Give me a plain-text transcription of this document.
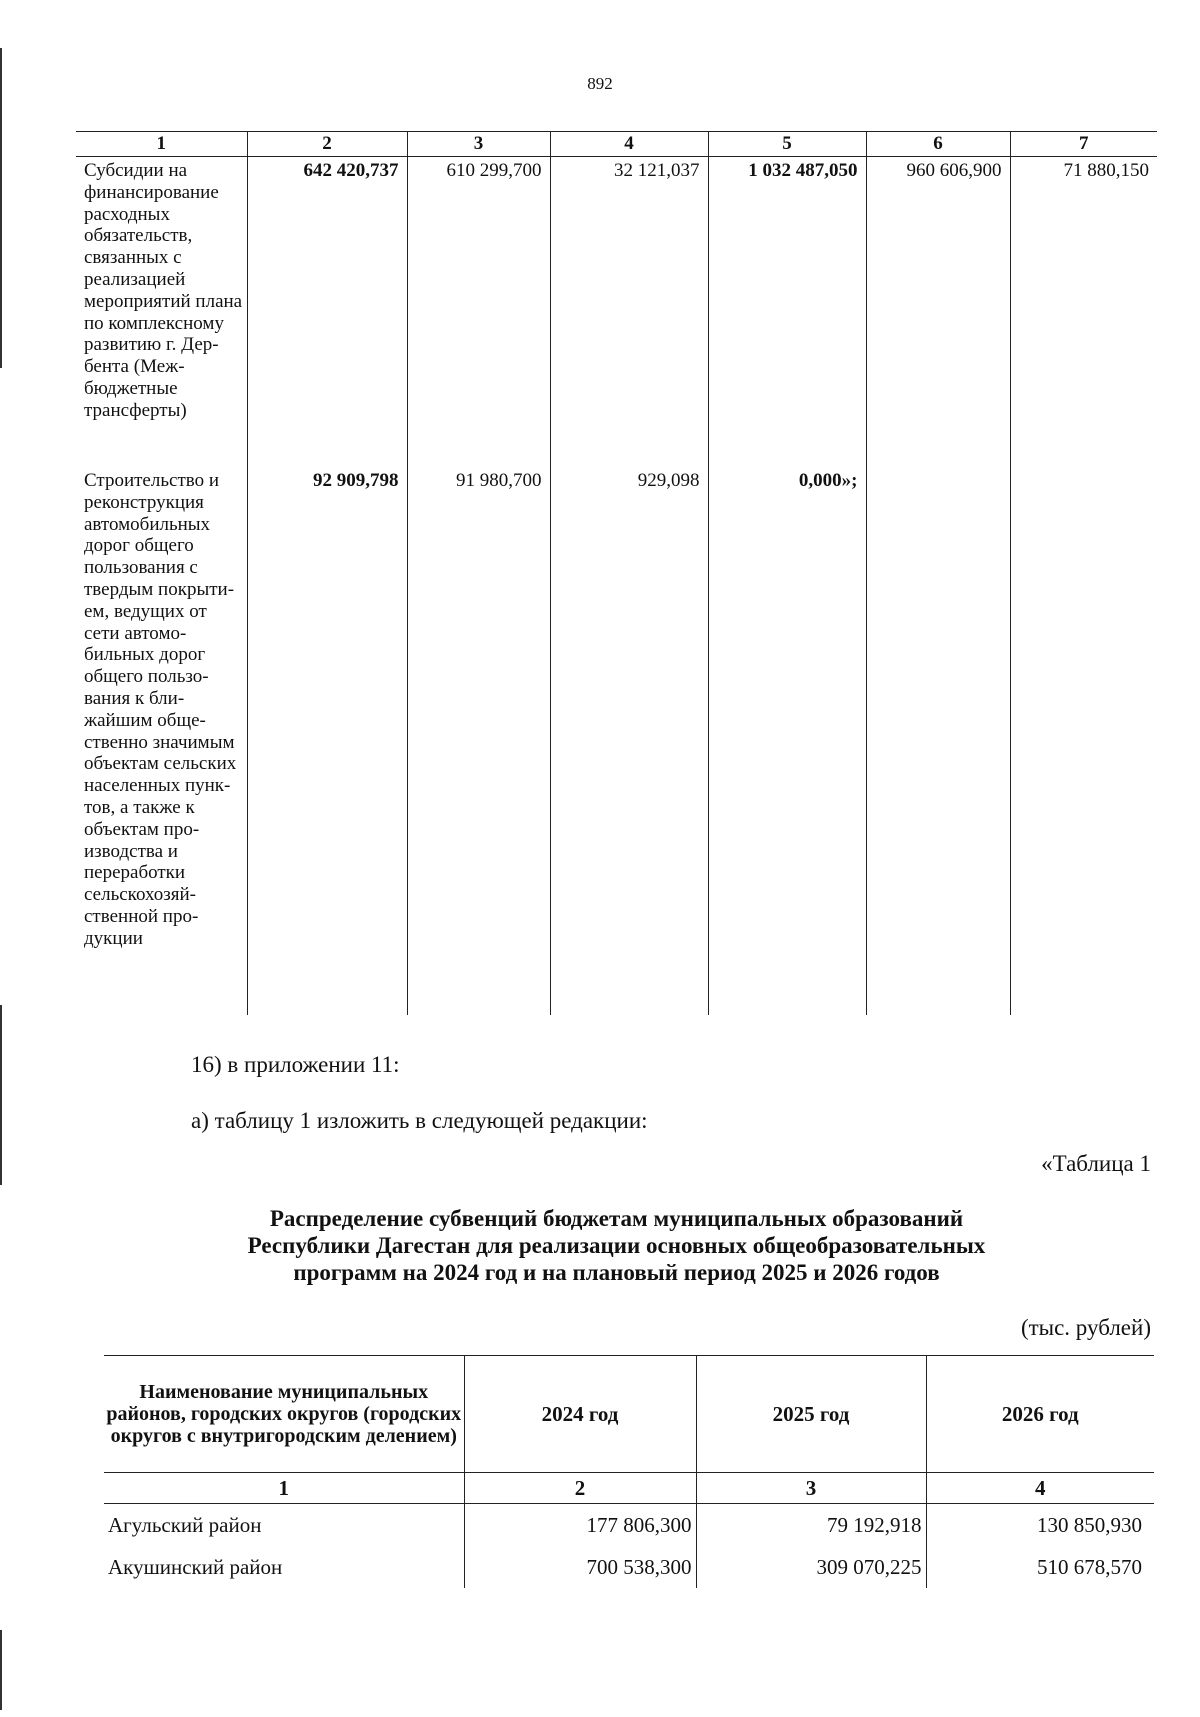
892
1	2	3	4	5	6	7
Субсидии на финансирование расходных обязательств, связанных с реализацией мероприятий плана по комплексному развитию г. Дербента (Межбюджетные трансферты)	642 420,737	610 299,700	32 121,037	1 032 487,050	960 606,900	71 880,150
Строительство и реконструкция автомобильных дорог общего пользования с твердым покрытием, ведущих от сети автомобильных дорог общего пользования к ближайшим общественно значимым объектам сельских населенных пунктов, а также к объектам производства и переработки сельскохозяйственной продукции	92 909,798	91 980,700	929,098	0,000»;		
16) в приложении 11:
а) таблицу 1 изложить в следующей редакции:
«Таблица 1
Распределение субвенций бюджетам муниципальных образований
Республики Дагестан для реализации основных общеобразовательных
программ на 2024 год и на плановый период 2025 и 2026 годов
(тыс. рублей)
Наименование муниципальных районов, городских округов (городских округов с внутригородским делением)	2024 год	2025 год	2026 год
1	2	3	4
Агульский район	177 806,300	79 192,918	130 850,930
Акушинский район	700 538,300	309 070,225	510 678,570
